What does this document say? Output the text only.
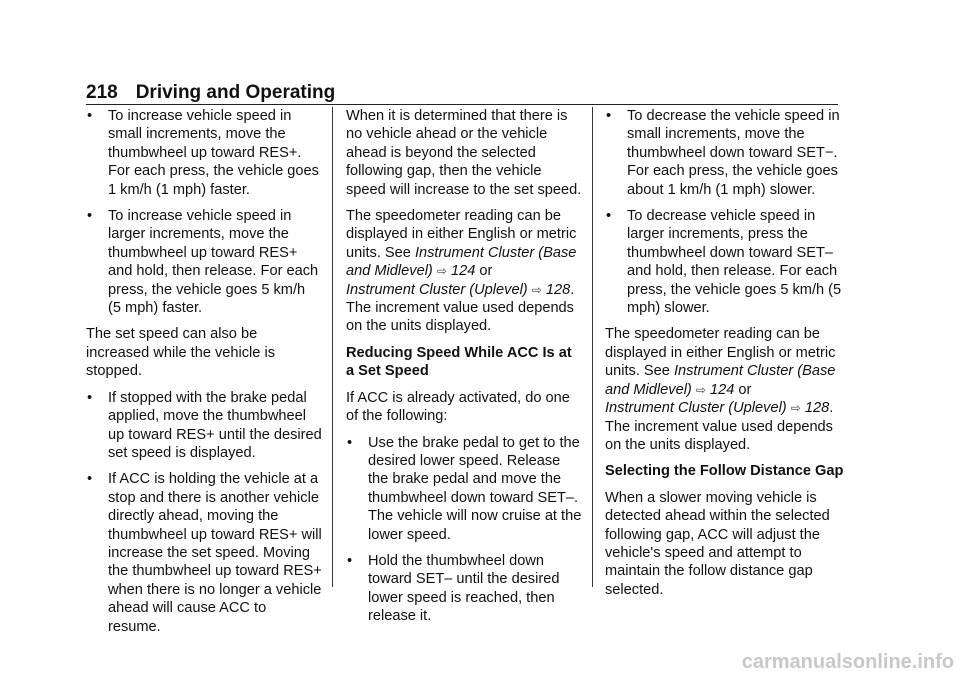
218 Driving and Operating
• To increase vehicle speed in small increments, move the thumbwheel up toward RES+. For each press, the vehicle goes 1 km/h (1 mph) faster.
• To increase vehicle speed in larger increments, move the thumbwheel up toward RES+ and hold, then release. For each press, the vehicle goes 5 km/h (5 mph) faster.

The set speed can also be increased while the vehicle is stopped.

• If stopped with the brake pedal applied, move the thumbwheel up toward RES+ until the desired set speed is displayed.
• If ACC is holding the vehicle at a stop and there is another vehicle directly ahead, moving the thumbwheel up toward RES+ will increase the set speed. Moving the thumbwheel up toward RES+ when there is no longer a vehicle ahead will cause ACC to resume.

When it is determined that there is no vehicle ahead or the vehicle ahead is beyond the selected following gap, then the vehicle speed will increase to the set speed.

The speedometer reading can be displayed in either English or metric units. See Instrument Cluster (Base and Midlevel) ⇨ 124 or
Instrument Cluster (Uplevel) ⇨ 128. The increment value used depends on the units displayed.

Reducing Speed While ACC Is at a Set Speed

If ACC is already activated, do one of the following:

• Use the brake pedal to get to the desired lower speed. Release the brake pedal and move the thumbwheel down toward SET–. The vehicle will now cruise at the lower speed.
• Hold the thumbwheel down toward SET– until the desired lower speed is reached, then release it.
• To decrease the vehicle speed in small increments, move the thumbwheel down toward SET−. For each press, the vehicle goes about 1 km/h (1 mph) slower.
• To decrease vehicle speed in larger increments, press the thumbwheel down toward SET– and hold, then release. For each press, the vehicle goes 5 km/h (5 mph) slower.

The speedometer reading can be displayed in either English or metric units. See Instrument Cluster (Base and Midlevel) ⇨ 124 or
Instrument Cluster (Uplevel) ⇨ 128. The increment value used depends on the units displayed.

Selecting the Follow Distance Gap

When a slower moving vehicle is detected ahead within the selected following gap, ACC will adjust the vehicle's speed and attempt to maintain the follow distance gap selected.

carmanualsonline.info
